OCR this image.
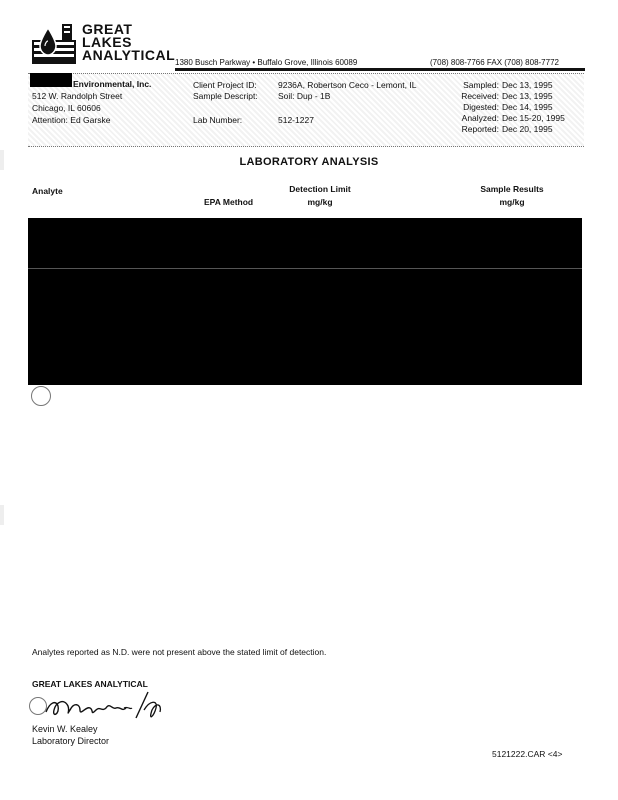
GREAT
LAKES
ANALYTICAL 1380 Busch Parkway • Buffalo Grove, Illinois 60089	(708) 808-7766 FAX (708) 808-7772
Environmental, Inc.
512 W. Randolph Street
Chicago, IL 60606
Attention: Ed Garske
Client Project ID: 9236A, Robertson Ceco - Lemont, IL
Sample Descript: Soil: Dup - 1B
Lab Number:	512-1227
Sampled: Dec 13, 1995
Received: Dec 13, 1995
Digested: Dec 14, 1995
Analyzed: Dec 15-20, 1995
Reported: Dec 20, 1995
LABORATORY ANALYSIS
Analyte
EPA Method
Detection Limit
mg/kg
Sample Results
mg/kg
Analytes reported as N.D. were not present above the stated limit of detection.
GREAT LAKES ANALYTICAL
Kevin W. Kealey
Laboratory Director
5121222.CAR <4>
